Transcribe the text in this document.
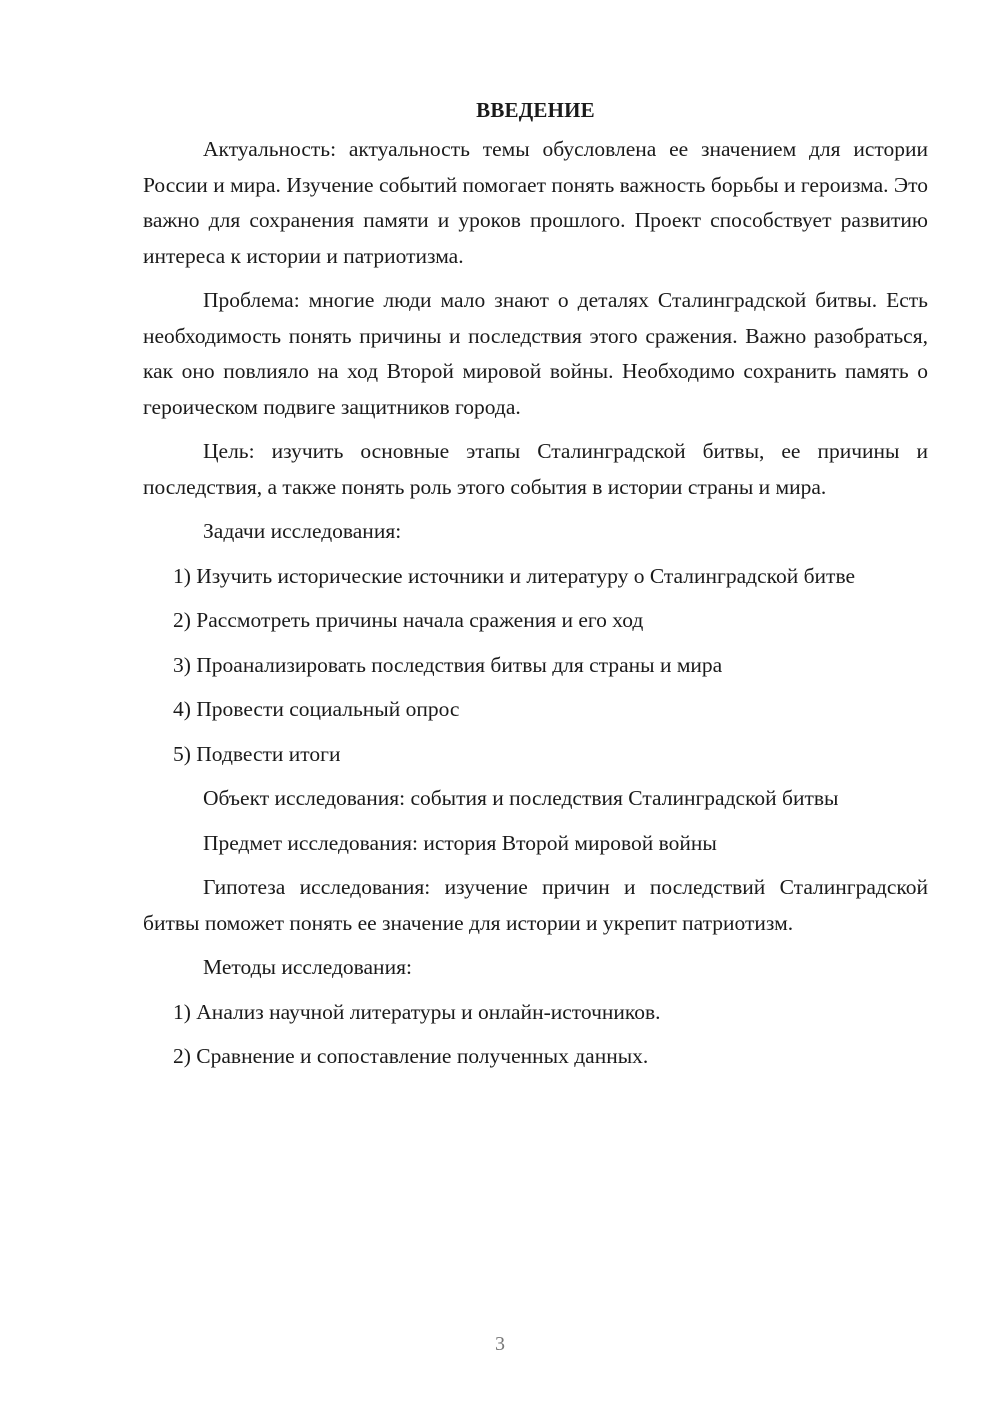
ВВЕДЕНИЕ

Актуальность: актуальность темы обусловлена ее значением для истории России и мира. Изучение событий помогает понять важность борьбы и героизма. Это важно для сохранения памяти и уроков прошлого. Проект способствует развитию интереса к истории и патриотизма.

Проблема: многие люди мало знают о деталях Сталинградской битвы. Есть необходимость понять причины и последствия этого сражения. Важно разобраться, как оно повлияло на ход Второй мировой войны. Необходимо сохранить память о героическом подвиге защитников города.

Цель: изучить основные этапы Сталинградской битвы, ее причины и последствия, а также понять роль этого события в истории страны и мира.

Задачи исследования:

1) Изучить исторические источники и литературу о Сталинградской битве

2) Рассмотреть причины начала сражения и его ход

3) Проанализировать последствия битвы для страны и мира

4) Провести социальный опрос

5) Подвести итоги

Объект исследования: события и последствия Сталинградской битвы

Предмет исследования: история Второй мировой войны

Гипотеза исследования: изучение причин и последствий Сталинградской битвы поможет понять ее значение для истории и укрепит патриотизм.

Методы исследования:

1) Анализ научной литературы и онлайн-источников.

2) Сравнение и сопоставление полученных данных.

3
